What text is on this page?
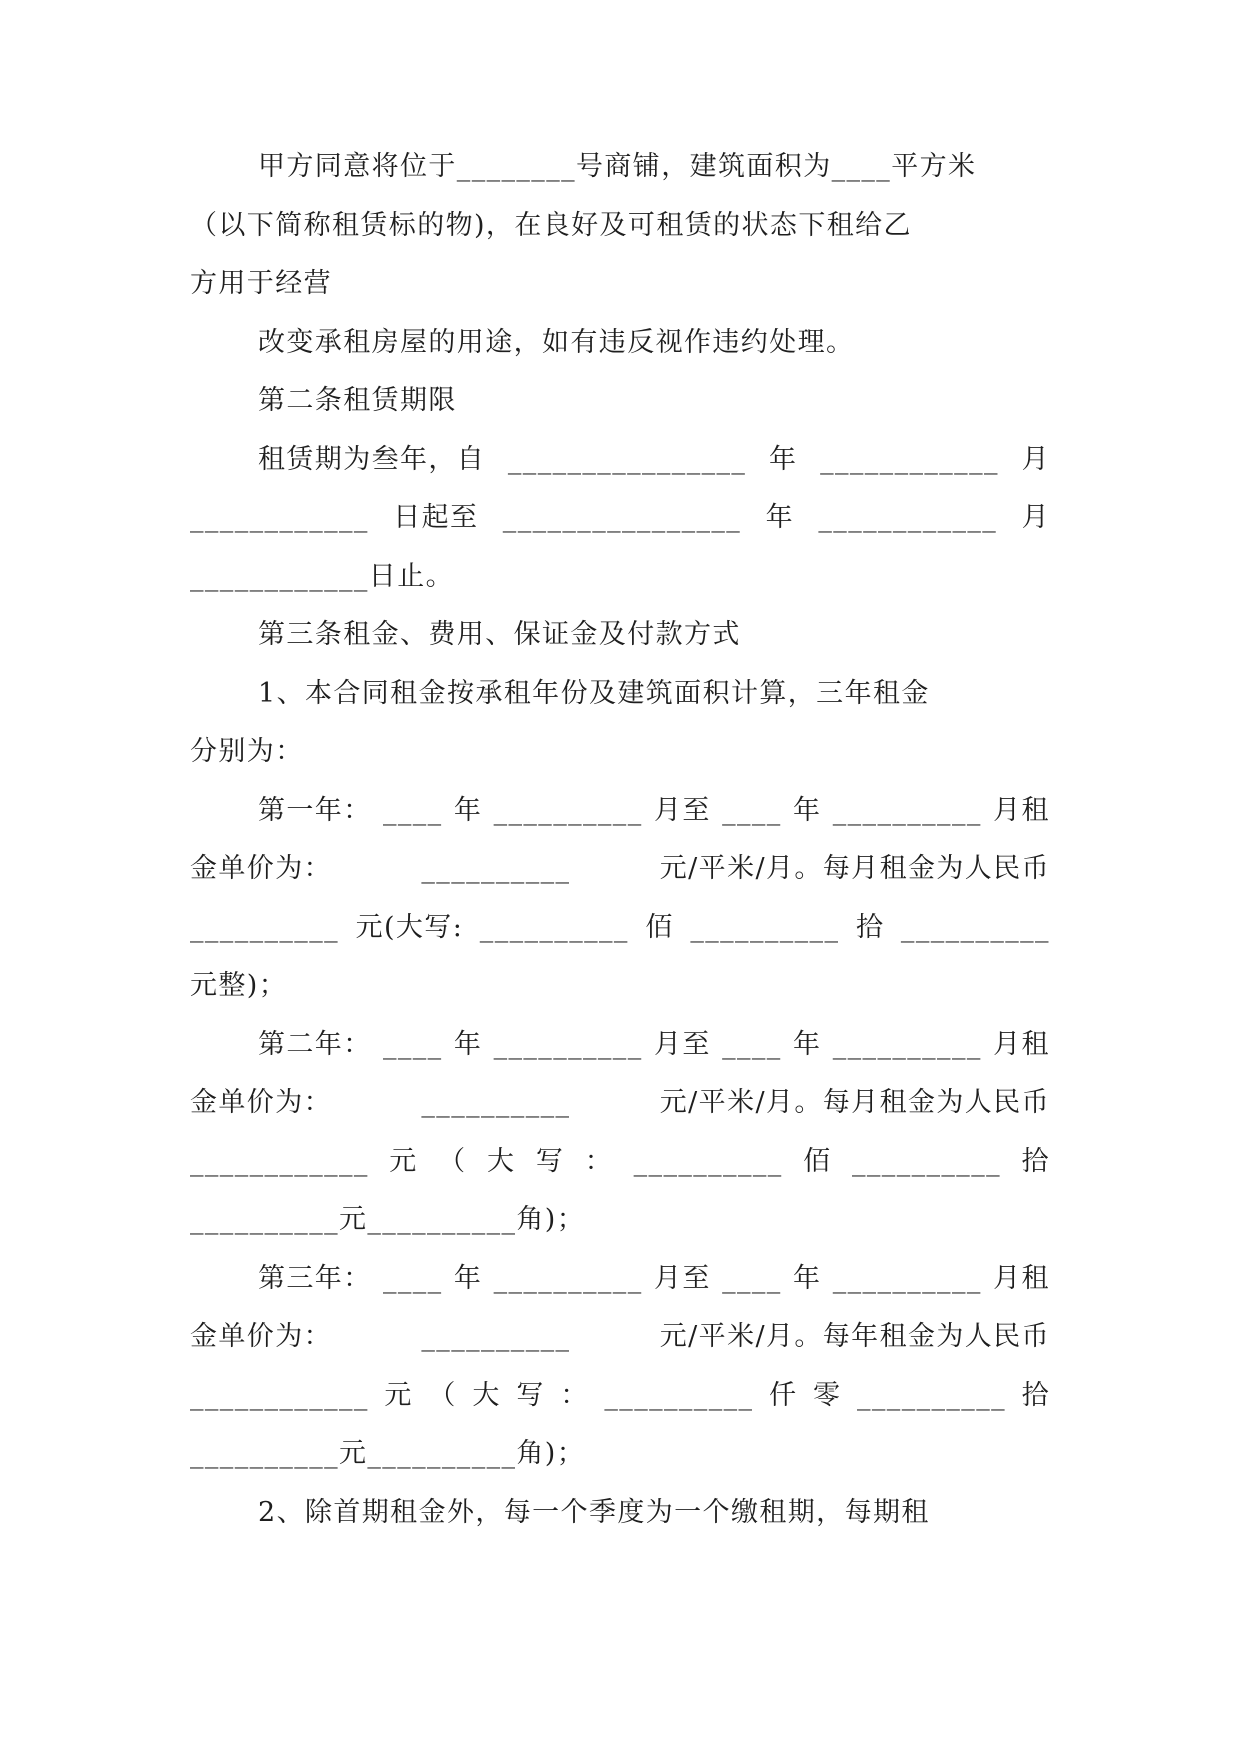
甲方同意将位于________号商铺，建筑面积为____平方米
（以下简称租赁标的物)，在良好及可租赁的状态下租给乙
方用于经营
改变承租房屋的用途，如有违反视作违约处理。
第二条租赁期限
租赁期为叁年，自 ________________ 年 ____________ 月
____________ 日起至 ________________ 年 ____________ 月
____________日止。
第三条租金、费用、保证金及付款方式
1、本合同租金按承租年份及建筑面积计算，三年租金
分别为：
第一年： ____ 年 __________ 月至 ____ 年 __________ 月租
金单价为：	__________	元/平米/月。每月租金为人民币
__________ 元(大写: __________ 佰 __________ 拾 __________
元整)；
第二年： ____ 年 __________ 月至 ____ 年 __________ 月租
金单价为：	__________	元/平米/月。每月租金为人民币
____________ 元 （ 大 写 ： __________ 佰 __________ 拾
__________元__________角)；
第三年： ____ 年 __________ 月至 ____ 年 __________ 月租
金单价为：	__________	元/平米/月。每年租金为人民币
____________ 元 （ 大 写 ： __________ 仟 零 __________ 拾
__________元__________角)；
2、除首期租金外，每一个季度为一个缴租期，每期租
